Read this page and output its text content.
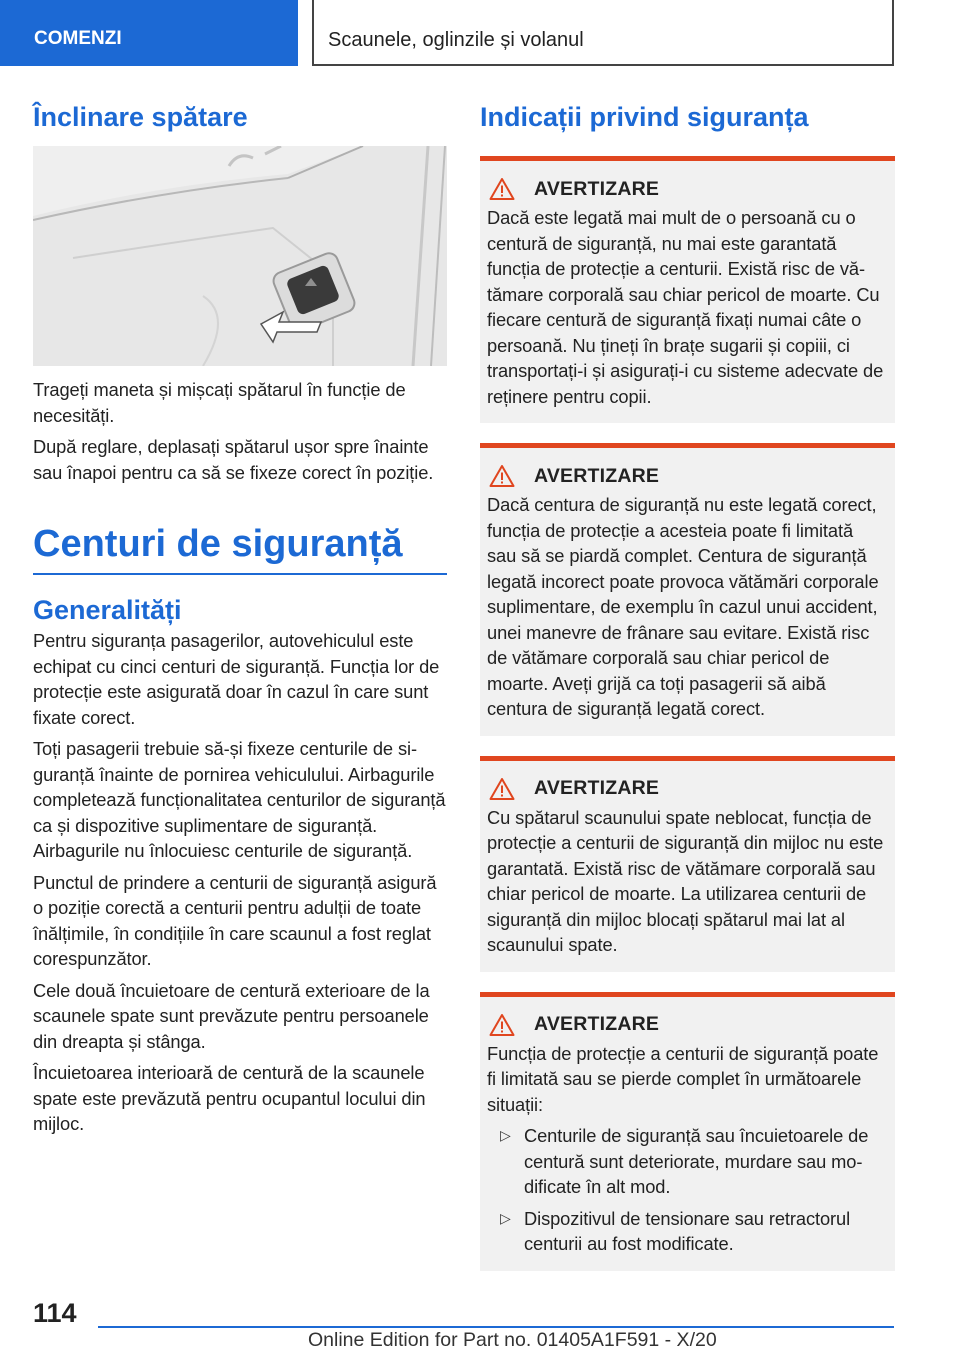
COMENZI	Scaunele, oglinzile și volanul
Înclinare spătare

Trageți maneta și mișcați spătarul în funcție de necesități.

După reglare, deplasați spătarul ușor spre înainte sau înapoi pentru ca să se fixeze corect în poziție.

Centuri de siguranță
Generalități

Pentru siguranța pasagerilor, autovehiculul este echipat cu cinci centuri de siguranță. Funcția lor de protecție este asigurată doar în cazul în care sunt fixate corect.

Toți pasagerii trebuie să-și fixeze centurile de siguranță înainte de pornirea vehiculului. Airbagurile completează funcționalitatea centurilor de siguranță ca și dispozitive suplimentare de siguranță. Airbagurile nu înlocuiesc centurile de siguranță.

Punctul de prindere a centurii de siguranță asigură o poziție corectă a centurii pentru adulții de toate înălțimile, în condițiile în care scaunul a fost reglat corespunzător.

Cele două încuietoare de centură exterioare de la scaunele spate sunt prevăzute pentru persoanele din dreapta și stânga.

Încuietoarea interioară de centură de la scaunele spate este prevăzută pentru ocupantul locului din mijloc.

Indicații privind siguranța
AVERTIZARE

Dacă este legată mai mult de o persoană cu o centură de siguranță, nu mai este garantată funcția de protecție a centurii. Există risc de vătămare corporală sau chiar pericol de moarte. Cu fiecare centură de siguranță fixați numai câte o persoană. Nu țineți în brațe sugarii și copiii, ci transportați-i și asigurați-i cu sisteme adecvate de reținere pentru copii.

AVERTIZARE

Dacă centura de siguranță nu este legată corect, funcția de protecție a acesteia poate fi limitată sau să se piardă complet. Centura de siguranță legată incorect poate provoca vătămări corporale suplimentare, de exemplu în cazul unui accident, unei manevre de frânare sau evitare. Există risc de vătămare corporală sau chiar pericol de moarte. Aveți grijă ca toți pasagerii să aibă centura de siguranță legată corect.

AVERTIZARE

Cu spătarul scaunului spate neblocat, funcția de protecție a centurii de siguranță din mijloc nu este garantată. Există risc de vătămare corporală sau chiar pericol de moarte. La utilizarea centurii de siguranță din mijloc blocați spătarul mai lat al scaunului spate.

AVERTIZARE

Funcția de protecție a centurii de siguranță poate fi limitată sau se pierde complet în următoarele situații:

▷ Centurile de siguranță sau încuietoarele de centură sunt deteriorate, murdare sau modificate în alt mod.

▷ Dispozitivul de tensionare sau retractorul centurii au fost modificate.

114
Online Edition for Part no. 01405A1F591 - X/20
